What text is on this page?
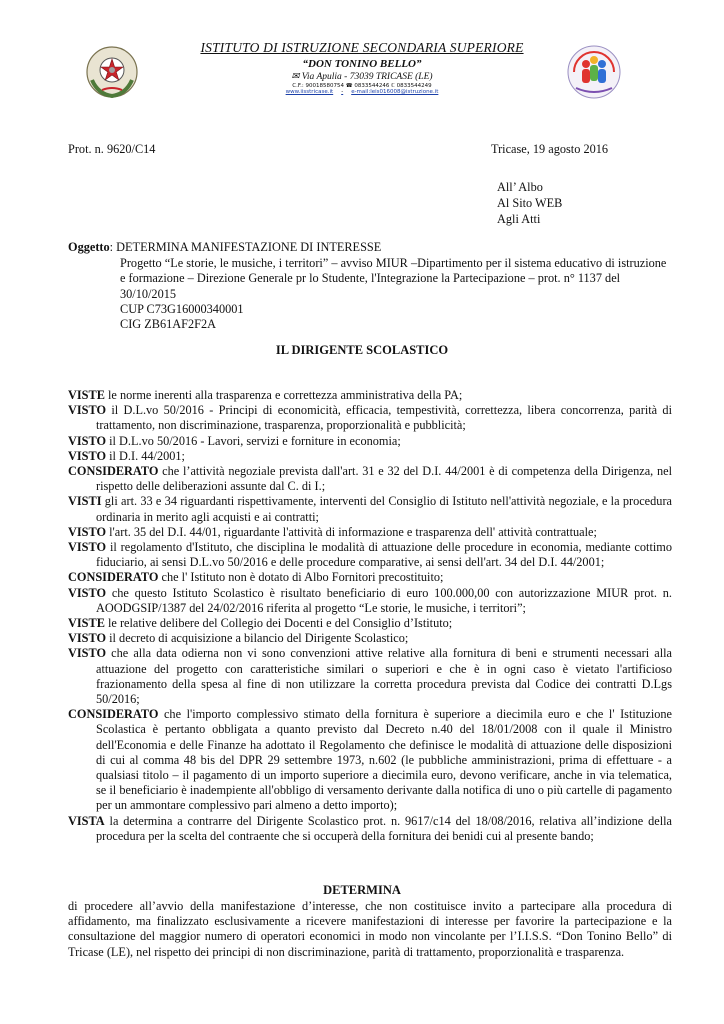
ISTITUTO DI ISTRUZIONE SECONDARIA SUPERIORE
“DON TONINO BELLO”
✉ Via Apulia - 73039 TRICASE (LE)
C.F.: 90018580754 ☎ 0833544246 ℂ 0833544249
www.iisstricase.it - e-mail:leis016008@istruzione.it
Prot. n. 9620/C14	Tricase, 19 agosto 2016
All’ Albo
Al Sito WEB
Agli Atti
Oggetto: DETERMINA MANIFESTAZIONE DI INTERESSE
Progetto “Le storie, le musiche, i territori” – avviso MIUR –Dipartimento per il sistema educativo di istruzione e formazione – Direzione Generale pr lo Studente, l'Integrazione la Partecipazione – prot. n° 1137 del 30/10/2015
CUP C73G16000340001
CIG ZB61AF2F2A
IL DIRIGENTE SCOLASTICO
VISTE le norme inerenti alla trasparenza e correttezza amministrativa della PA;
VISTO il D.L.vo 50/2016 - Principi di economicità, efficacia, tempestività, correttezza, libera concorrenza, parità di trattamento, non discriminazione, trasparenza, proporzionalità e pubblicità;
VISTO il D.L.vo 50/2016 - Lavori, servizi e forniture in economia;
VISTO il D.I. 44/2001;
CONSIDERATO che l’attività negoziale prevista dall'art. 31 e 32 del D.I. 44/2001 è di competenza della Dirigenza, nel rispetto delle deliberazioni assunte dal C. di I.;
VISTI gli art. 33 e 34 riguardanti rispettivamente, interventi del Consiglio di Istituto nell'attività negoziale, e la procedura ordinaria in merito agli acquisti e ai contratti;
VISTO l'art. 35 del D.I. 44/01, riguardante l'attività di informazione e trasparenza dell' attività contrattuale;
VISTO il regolamento d'Istituto, che disciplina le modalità di attuazione delle procedure in economia, mediante cottimo fiduciario, ai sensi D.L.vo 50/2016 e delle procedure comparative, ai sensi dell'art. 34 del D.I. 44/2001;
CONSIDERATO che l' Istituto non è dotato di Albo Fornitori precostituito;
VISTO che questo Istituto Scolastico è risultato beneficiario di euro 100.000,00 con autorizzazione MIUR prot. n. AOODGSIP/1387 del 24/02/2016 riferita al progetto “Le storie, le musiche, i territori”;
VISTE le relative delibere del Collegio dei Docenti e del Consiglio d’Istituto;
VISTO il decreto di acquisizione a bilancio del Dirigente Scolastico;
VISTO che alla data odierna non vi sono convenzioni attive relative alla fornitura di beni e strumenti necessari alla attuazione del progetto con caratteristiche similari o superiori e che è in ogni caso è vietato l'artificioso frazionamento della spesa al fine di non utilizzare la corretta procedura prevista dal Codice dei contratti D.Lgs 50/2016;
CONSIDERATO che l'importo complessivo stimato della fornitura è superiore a diecimila euro e che l' Istituzione Scolastica è pertanto obbligata a quanto previsto dal Decreto n.40 del 18/01/2008 con il quale il Ministro dell'Economia e delle Finanze ha adottato il Regolamento che definisce le modalità di attuazione delle disposizioni di cui al comma 48 bis del DPR 29 settembre 1973, n.602 (le pubbliche amministrazioni, prima di effettuare - a qualsiasi titolo – il pagamento di un importo superiore a diecimila euro, devono verificare, anche in via telematica, se il beneficiario è inadempiente all'obbligo di versamento derivante dalla notifica di uno o più cartelle di pagamento per un ammontare complessivo pari almeno a detto importo);
VISTA la determina a contrarre del Dirigente Scolastico prot. n. 9617/c14 del 18/08/2016, relativa all’indizione della procedura per la scelta del contraente che si occuperà della fornitura dei benidi cui al presente bando;
DETERMINA
di procedere all’avvio della manifestazione d’interesse, che non costituisce invito a partecipare alla procedura di affidamento, ma finalizzato esclusivamente a ricevere manifestazioni di interesse per favorire la partecipazione e la consultazione del maggior numero di operatori economici in modo non vincolante per l’I.I.S.S. “Don Tonino Bello” di Tricase (LE), nel rispetto dei principi di non discriminazione, parità di trattamento, proporzionalità e trasparenza.
